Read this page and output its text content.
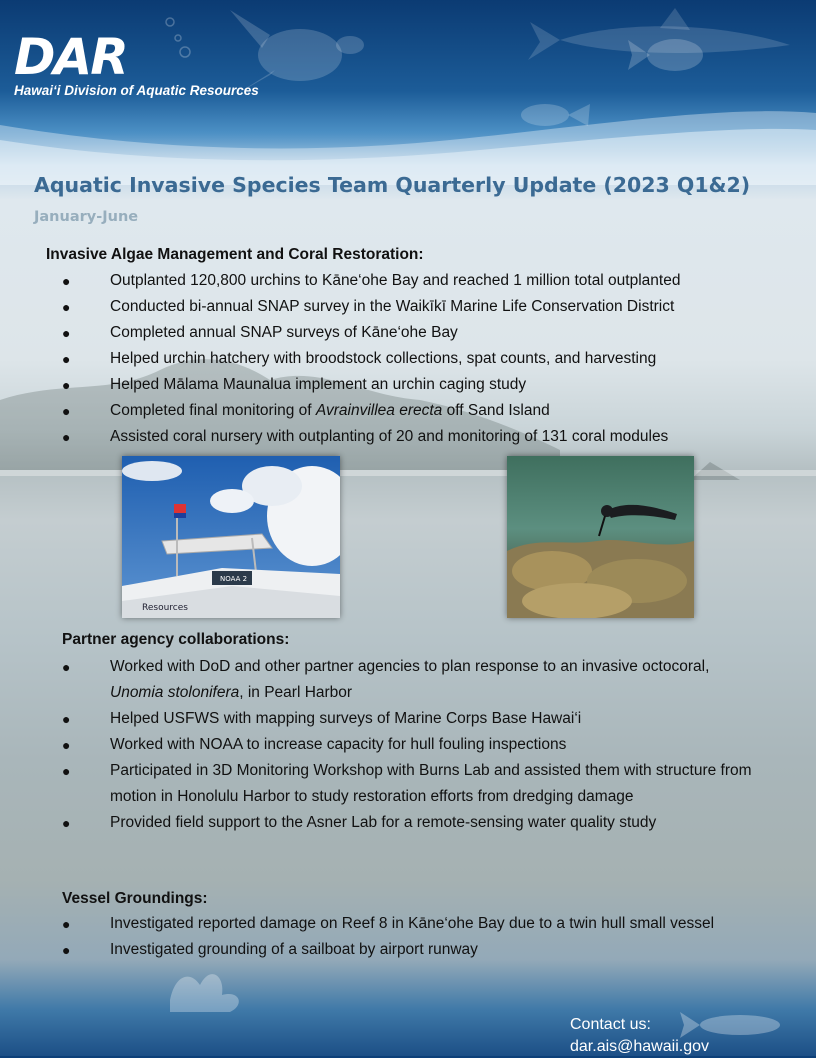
DAR
Hawai‘i Division of Aquatic Resources
Aquatic Invasive Species Team Quarterly Update (2023 Q1&2)
January-June
Invasive Algae Management and Coral Restoration:
●	Outplanted 120,800 urchins to Kāne‘ohe Bay and reached 1 million total outplanted
●	Conducted bi-annual SNAP survey in the Waikīkī Marine Life Conservation District
●	Completed annual SNAP surveys of Kāne‘ohe Bay
●	Helped urchin hatchery with broodstock collections, spat counts, and harvesting
●	Helped Mālama Maunalua implement an urchin caging study
●	Completed final monitoring of Avrainvillea erecta off Sand Island
●	Assisted coral nursery with outplanting of 20 and monitoring of 131 coral modules
NOAA 2
Resources
Partner agency collaborations:
●	Worked with DoD and other partner agencies to plan response to an invasive octocoral,
Unomia stolonifera, in Pearl Harbor
●	Helped USFWS with mapping surveys of Marine Corps Base Hawai‘i
●	Worked with NOAA to increase capacity for hull fouling inspections
●	Participated in 3D Monitoring Workshop with Burns Lab and assisted them with structure from motion in Honolulu Harbor to study restoration efforts from dredging damage
●	Provided field support to the Asner Lab for a remote-sensing water quality study
Vessel Groundings:
●	Investigated reported damage on Reef 8 in Kāne‘ohe Bay due to a twin hull small vessel
●	Investigated grounding of a sailboat by airport runway
Contact us:
dar.ais@hawaii.gov
